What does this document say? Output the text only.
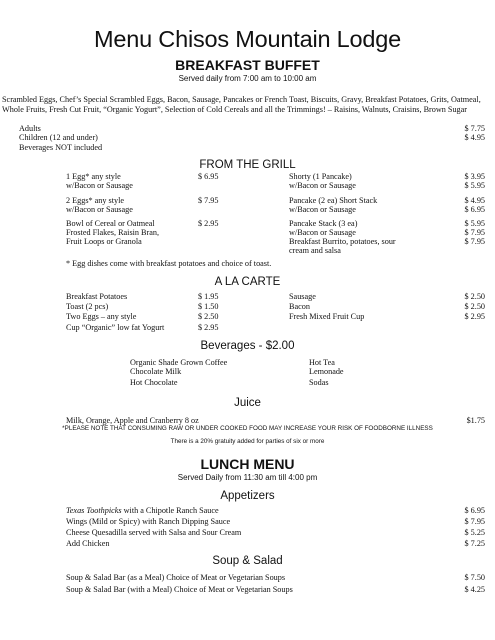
Menu Chisos Mountain Lodge
BREAKFAST BUFFET
Served daily from 7:00 am to 10:00 am
Scrambled Eggs, Chef’s Special Scrambled Eggs, Bacon, Sausage, Pancakes or French Toast, Biscuits, Gravy, Breakfast Potatoes, Grits, Oatmeal, Whole Fruits, Fresh Cut Fruit, “Organic Yogurt”, Selection of Cold Cereals and all the Trimmings! – Raisins, Walnuts, Craisins, Brown Sugar
Adults	$ 7.75
Children (12 and under)	$ 4.95
Beverages NOT included
FROM THE GRILL
1 Egg* any style	$ 6.95
w/Bacon or Sausage
2 Eggs* any style	$ 7.95
w/Bacon or Sausage
Bowl of Cereal or Oatmeal	$ 2.95
Frosted Flakes, Raisin Bran,
Fruit Loops or Granola
Shorty (1 Pancake)	$ 3.95
w/Bacon or Sausage	$ 5.95
Pancake (2 ea) Short Stack	$ 4.95
w/Bacon or Sausage	$ 6.95
Pancake Stack (3 ea)	$ 5.95
w/Bacon or Sausage	$ 7.95
Breakfast Burrito, potatoes, sour	$ 7.95
cream and salsa
* Egg dishes come with breakfast potatoes and choice of toast.
A LA CARTE
Breakfast Potatoes	$ 1.95
Toast (2 pcs)	$ 1.50
Two Eggs – any style	$ 2.50
Cup “Organic” low fat Yogurt	$ 2.95
Sausage	$ 2.50
Bacon	$ 2.50
Fresh Mixed Fruit Cup	$ 2.95
Beverages - $2.00
Organic Shade Grown Coffee
Chocolate Milk
Hot Chocolate
Hot Tea
Lemonade
Sodas
Juice
Milk, Orange, Apple and Cranberry 8 oz	$1.75
*PLEASE NOTE THAT CONSUMING RAW OR UNDER COOKED FOOD MAY INCREASE YOUR RISK OF FOODBORNE ILLNESS
There is a 20% gratuity added for parties of six or more
LUNCH MENU
Served Daily from 11:30 am till 4:00 pm
Appetizers
Texas Toothpicks with a Chipotle Ranch Sauce	$ 6.95
Wings (Mild or Spicy) with Ranch Dipping Sauce	$ 7.95
Cheese Quesadilla served with Salsa and Sour Cream	$ 5.25
Add Chicken	$ 7.25
Soup & Salad
Soup & Salad Bar (as a Meal) Choice of Meat or Vegetarian Soups	$ 7.50
Soup & Salad Bar (with a Meal) Choice of Meat or Vegetarian Soups	$ 4.25
